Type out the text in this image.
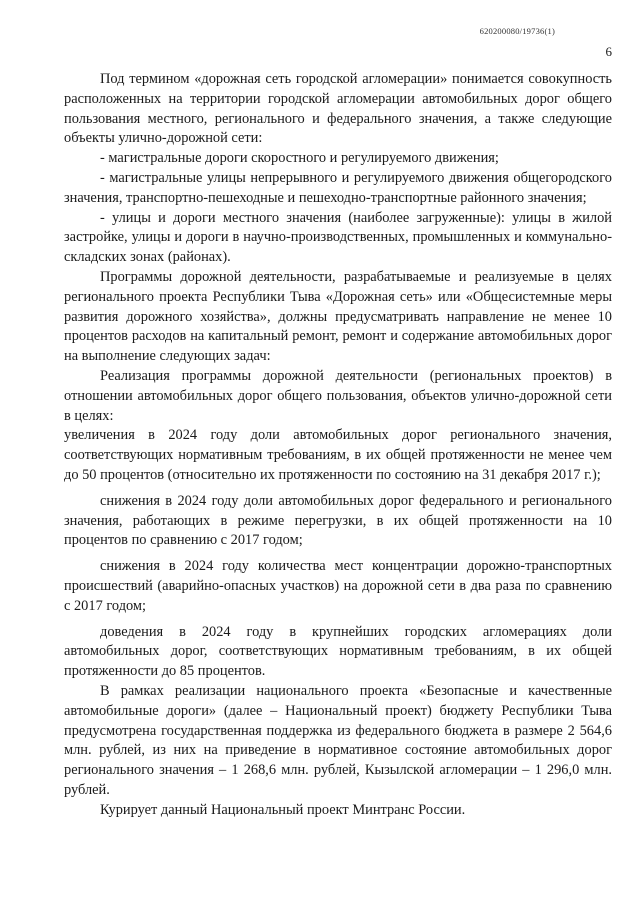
620200080/19736(1)
6

Под термином «дорожная сеть городской агломерации» понимается совокупность расположенных на территории городской агломерации автомобильных дорог общего пользования местного, регионального и федерального значения, а также следующие объекты улично-дорожной сети:

- магистральные дороги скоростного и регулируемого движения;

- магистральные улицы непрерывного и регулируемого движения общегородского значения, транспортно-пешеходные и пешеходно-транспортные районного значения;

- улицы и дороги местного значения (наиболее загруженные): улицы в жилой застройке, улицы и дороги в научно-производственных, промышленных и коммунально-складских зонах (районах).

Программы дорожной деятельности, разрабатываемые и реализуемые в целях регионального проекта Республики Тыва «Дорожная сеть» или «Общесистемные меры развития дорожного хозяйства», должны предусматривать направление не менее 10 процентов расходов на капитальный ремонт, ремонт и содержание автомобильных дорог на выполнение следующих задач:

Реализация программы дорожной деятельности (региональных проектов) в отношении автомобильных дорог общего пользования, объектов улично-дорожной сети в целях:

увеличения в 2024 году доли автомобильных дорог регионального значения, соответствующих нормативным требованиям, в их общей протяженности не менее чем до 50 процентов (относительно их протяженности по состоянию на 31 декабря 2017 г.);

снижения в 2024 году доли автомобильных дорог федерального и регионального значения, работающих в режиме перегрузки, в их общей протяженности на 10 процентов по сравнению с 2017 годом;

снижения в 2024 году количества мест концентрации дорожно-транспортных происшествий (аварийно-опасных участков) на дорожной сети в два раза по сравнению с 2017 годом;

доведения в 2024 году в крупнейших городских агломерациях доли автомобильных дорог, соответствующих нормативным требованиям, в их общей протяженности до 85 процентов.

В рамках реализации национального проекта «Безопасные и качественные автомобильные дороги» (далее – Национальный проект) бюджету Республики Тыва предусмотрена государственная поддержка из федерального бюджета в размере 2 564,6 млн. рублей, из них на приведение в нормативное состояние автомобильных дорог регионального значения – 1 268,6 млн. рублей, Кызылской агломерации – 1 296,0 млн. рублей.

Курирует данный Национальный проект Минтранс России.
